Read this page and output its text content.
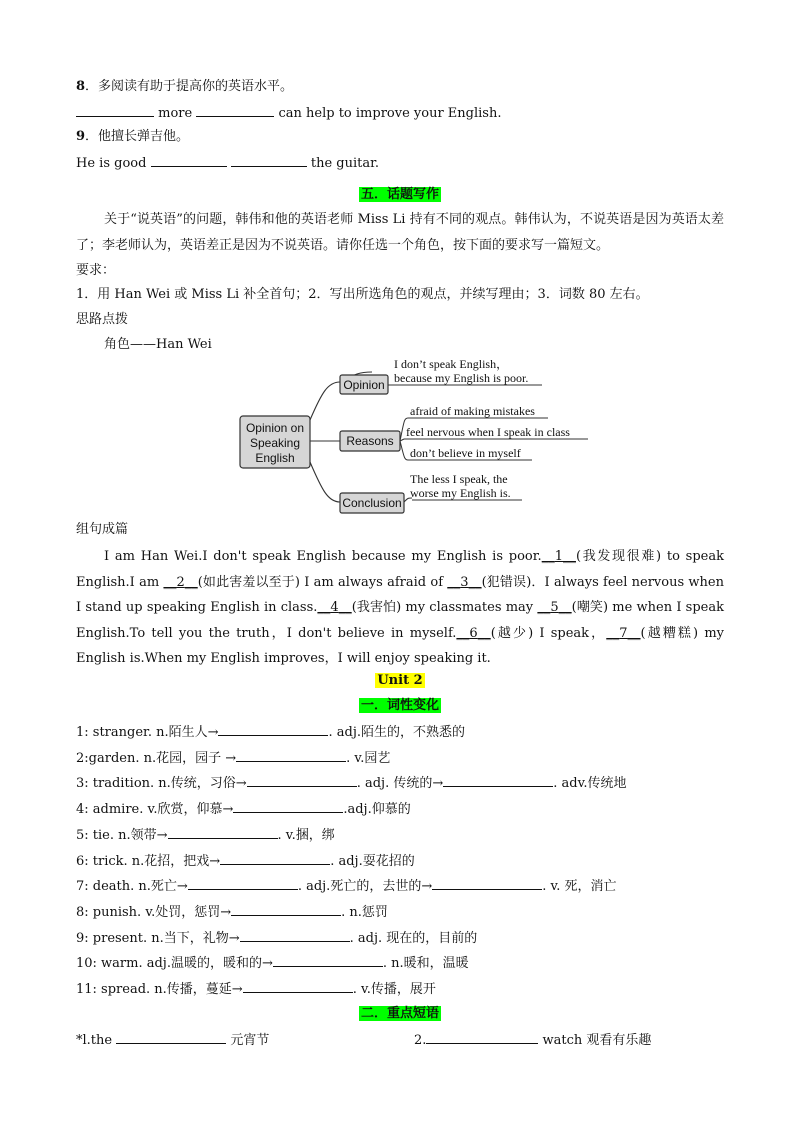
8．多阅读有助于提高你的英语水平。
more	can help to improve your English.
9．他擅长弹吉他。
He is good	the guitar.
五．话题写作
关于“说英语”的问题，韩伟和他的英语老师 Miss Li 持有不同的观点。韩伟认为，不说英语是因为英语太差了；李老师认为，英语差正是因为不说英语。请你任选一个角色，按下面的要求写一篇短文。
要求：
1．用 Han Wei 或 Miss Li 补全首句；2．写出所选角色的观点，并续写理由；3．词数 80 左右。
思路点拨
角色——Han Wei
Opinion on
Speaking
English
Opinion
I don’t speak English，
because my English is poor.
Reasons
afraid of making mistakes
feel nervous when I speak in class
don’t believe in myself
Conclusion
The less I speak, the
worse my English is.
组句成篇
I am Han Wei.I don't speak English because my English is poor.__1__(我发现很难) to speak English.I am __2__(如此害羞以至于) I am always afraid of __3__(犯错误)．I always feel nervous when I stand up speaking English in class.__4__(我害怕) my classmates may __5__(嘲笑) me when I speak English.To tell you the truth，I don't believe in myself.__6__(越少) I speak，__7__(越糟糕) my English is.When my English improves，I will enjoy speaking it.
Unit 2
一．词性变化
1: stranger. n.陌生人→	. adj.陌生的，不熟悉的
2:garden. n.花园，园子 →	. v.园艺
3: tradition. n.传统，习俗→	. adj. 传统的→	. adv.传统地
4: admire. v.欣赏，仰慕→	.adj.仰慕的
5: tie. n.领带→	. v.捆，绑
6: trick. n.花招，把戏→	. adj.耍花招的
7: death. n.死亡→	. adj.死亡的，去世的→	. v. 死，消亡
8: punish. v.处罚，惩罚→	. n.惩罚
9: present. n.当下，礼物→	. adj. 现在的，目前的
10: warm. adj.温暖的，暖和的→	. n.暖和，温暖
11: spread. n.传播，蔓延→	. v.传播，展开
二．重点短语
*l.the	元宵节	2.	watch 观看有乐趣
